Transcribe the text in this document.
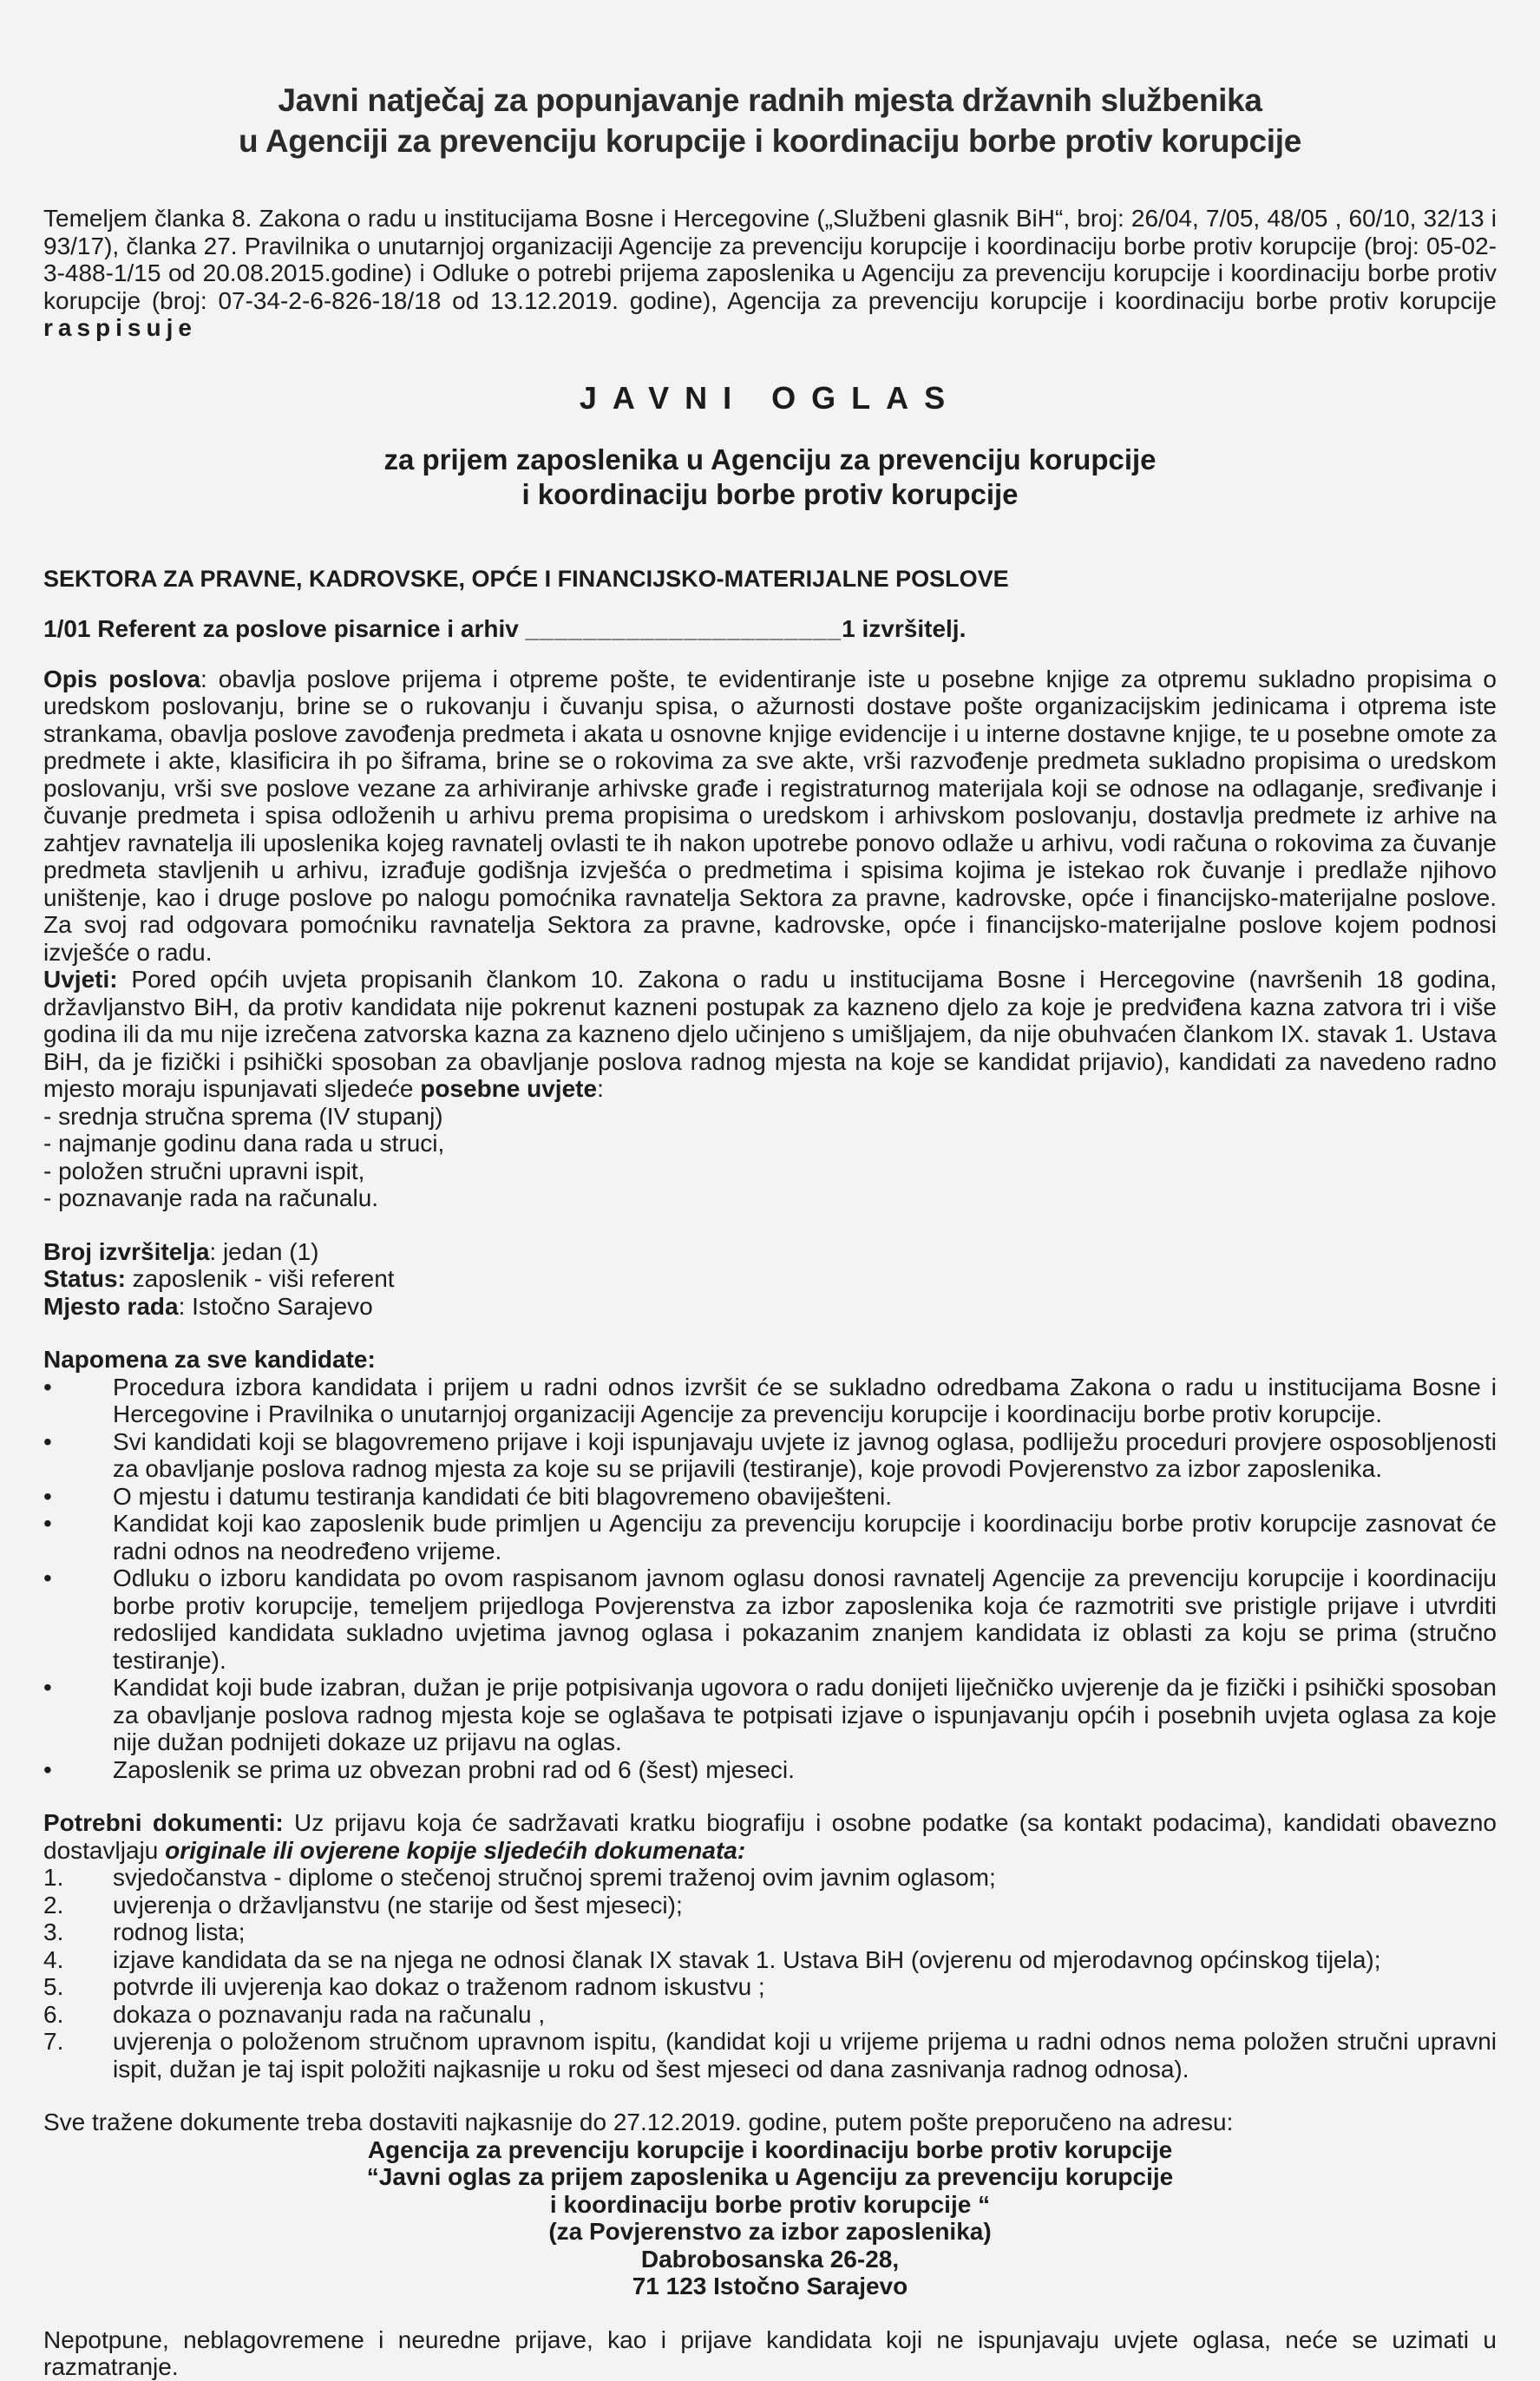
Javni natječaj za popunjavanje radnih mjesta državnih službenika
u Agenciji za prevenciju korupcije i koordinaciju borbe protiv korupcije

Temeljem članka 8. Zakona o radu u institucijama Bosne i Hercegovine („Službeni glasnik BiH“, broj: 26/04, 7/05, 48/05 , 60/10, 32/13 i 93/17), članka 27. Pravilnika o unutarnjoj organizaciji Agencije za prevenciju korupcije i koordinaciju borbe protiv korupcije (broj: 05-02-3-488-1/15 od 20.08.2015.godine) i Odluke o potrebi prijema zaposlenika u Agenciju za prevenciju korupcije i koordinaciju borbe protiv korupcije (broj: 07-34-2-6-826-18/18 od 13.12.2019. godine), Agencija za prevenciju korupcije i koordinaciju borbe protiv korupcije raspisuje

JAVNI OGLAS
za prijem zaposlenika u Agenciju za prevenciju korupcije
i koordinaciju borbe protiv korupcije
SEKTORA ZA PRAVNE, KADROVSKE, OPĆE I FINANCIJSKO-MATERIJALNE POSLOVE
1/01 Referent za poslove pisarnice i arhiv ______________________1 izvršitelj.

Opis poslova: obavlja poslove prijema i otpreme pošte, te evidentiranje iste u posebne knjige za otpremu sukladno propisima o uredskom poslovanju, brine se o rukovanju i čuvanju spisa, o ažurnosti dostave pošte organizacijskim jedinicama i otprema iste strankama, obavlja poslove zavođenja predmeta i akata u osnovne knjige evidencije i u interne dostavne knjige, te u posebne omote za predmete i akte, klasificira ih po šiframa, brine se o rokovima za sve akte, vrši razvođenje predmeta sukladno propisima o uredskom poslovanju, vrši sve poslove vezane za arhiviranje arhivske građe i registraturnog materijala koji se odnose na odlaganje, sređivanje i čuvanje predmeta i spisa odloženih u arhivu prema propisima o uredskom i arhivskom poslovanju, dostavlja predmete iz arhive na zahtjev ravnatelja ili uposlenika kojeg ravnatelj ovlasti te ih nakon upotrebe ponovo odlaže u arhivu, vodi računa o rokovima za čuvanje predmeta stavljenih u arhivu, izrađuje godišnja izvješća o predmetima i spisima kojima je istekao rok čuvanje i predlaže njihovo uništenje, kao i druge poslove po nalogu pomoćnika ravnatelja Sektora za pravne, kadrovske, opće i financijsko-materijalne poslove. Za svoj rad odgovara pomoćniku ravnatelja Sektora za pravne, kadrovske, opće i financijsko-materijalne poslove kojem podnosi izvješće o radu.

Uvjeti: Pored općih uvjeta propisanih člankom 10. Zakona o radu u institucijama Bosne i Hercegovine (navršenih 18 godina, državljanstvo BiH, da protiv kandidata nije pokrenut kazneni postupak za kazneno djelo za koje je predviđena kazna zatvora tri i više godina ili da mu nije izrečena zatvorska kazna za kazneno djelo učinjeno s umišljajem, da nije obuhvaćen člankom IX. stavak 1. Ustava BiH, da je fizički i psihički sposoban za obavljanje poslova radnog mjesta na koje se kandidat prijavio), kandidati za navedeno radno mjesto moraju ispunjavati sljedeće posebne uvjete:

- srednja stručna sprema (IV stupanj)
- najmanje godinu dana rada u struci,
- položen stručni upravni ispit,
- poznavanje rada na računalu.

Broj izvršitelja: jedan (1)

Status: zaposlenik - viši referent

Mjesto rada: Istočno Sarajevo

Napomena za sve kandidate:

• Procedura izbora kandidata i prijem u radni odnos izvršit će se sukladno odredbama Zakona o radu u institucijama Bosne i Hercegovine i Pravilnika o unutarnjoj organizaciji Agencije za prevenciju korupcije i koordinaciju borbe protiv korupcije.
• Svi kandidati koji se blagovremeno prijave i koji ispunjavaju uvjete iz javnog oglasa, podliježu proceduri provjere osposobljenosti za obavljanje poslova radnog mjesta za koje su se prijavili (testiranje), koje provodi Povjerenstvo za izbor zaposlenika.
• O mjestu i datumu testiranja kandidati će biti blagovremeno obaviješteni.
• Kandidat koji kao zaposlenik bude primljen u Agenciju za prevenciju korupcije i koordinaciju borbe protiv korupcije zasnovat će radni odnos na neodređeno vrijeme.
• Odluku o izboru kandidata po ovom raspisanom javnom oglasu donosi ravnatelj Agencije za prevenciju korupcije i koordinaciju borbe protiv korupcije, temeljem prijedloga Povjerenstva za izbor zaposlenika koja će razmotriti sve pristigle prijave i utvrditi redoslijed kandidata sukladno uvjetima javnog oglasa i pokazanim znanjem kandidata iz oblasti za koju se prima (stručno testiranje).
• Kandidat koji bude izabran, dužan je prije potpisivanja ugovora o radu donijeti liječničko uvjerenje da je fizički i psihički sposoban za obavljanje poslova radnog mjesta koje se oglašava te potpisati izjave o ispunjavanju općih i posebnih uvjeta oglasa za koje nije dužan podnijeti dokaze uz prijavu na oglas.
• Zaposlenik se prima uz obvezan probni rad od 6 (šest) mjeseci.

Potrebni dokumenti: Uz prijavu koja će sadržavati kratku biografiju i osobne podatke (sa kontakt podacima), kandidati obavezno dostavljaju originale ili ovjerene kopije sljedećih dokumenata:

1. svjedočanstva - diplome o stečenoj stručnoj spremi traženoj ovim javnim oglasom;
2. uvjerenja o državljanstvu (ne starije od šest mjeseci);
3. rodnog lista;
4. izjave kandidata da se na njega ne odnosi članak IX stavak 1. Ustava BiH (ovjerenu od mjerodavnog općinskog tijela);
5. potvrde ili uvjerenja kao dokaz o traženom radnom iskustvu ;
6. dokaza o poznavanju rada na računalu ,
7. uvjerenja o položenom stručnom upravnom ispitu, (kandidat koji u vrijeme prijema u radni odnos nema položen stručni upravni ispit, dužan je taj ispit položiti najkasnije u roku od šest mjeseci od dana zasnivanja radnog odnosa).

Sve tražene dokumente treba dostaviti najkasnije do 27.12.2019. godine, putem pošte preporučeno na adresu:

Agencija za prevenciju korupcije i koordinaciju borbe protiv korupcije
“Javni oglas za prijem zaposlenika u Agenciju za prevenciju korupcije
i koordinaciju borbe protiv korupcije “
(za Povjerenstvo za izbor zaposlenika)
Dabrobosanska 26-28,
71 123 Istočno Sarajevo

Nepotpune, neblagovremene i neuredne prijave, kao i prijave kandidata koji ne ispunjavaju uvjete oglasa, neće se uzimati u razmatranje.
